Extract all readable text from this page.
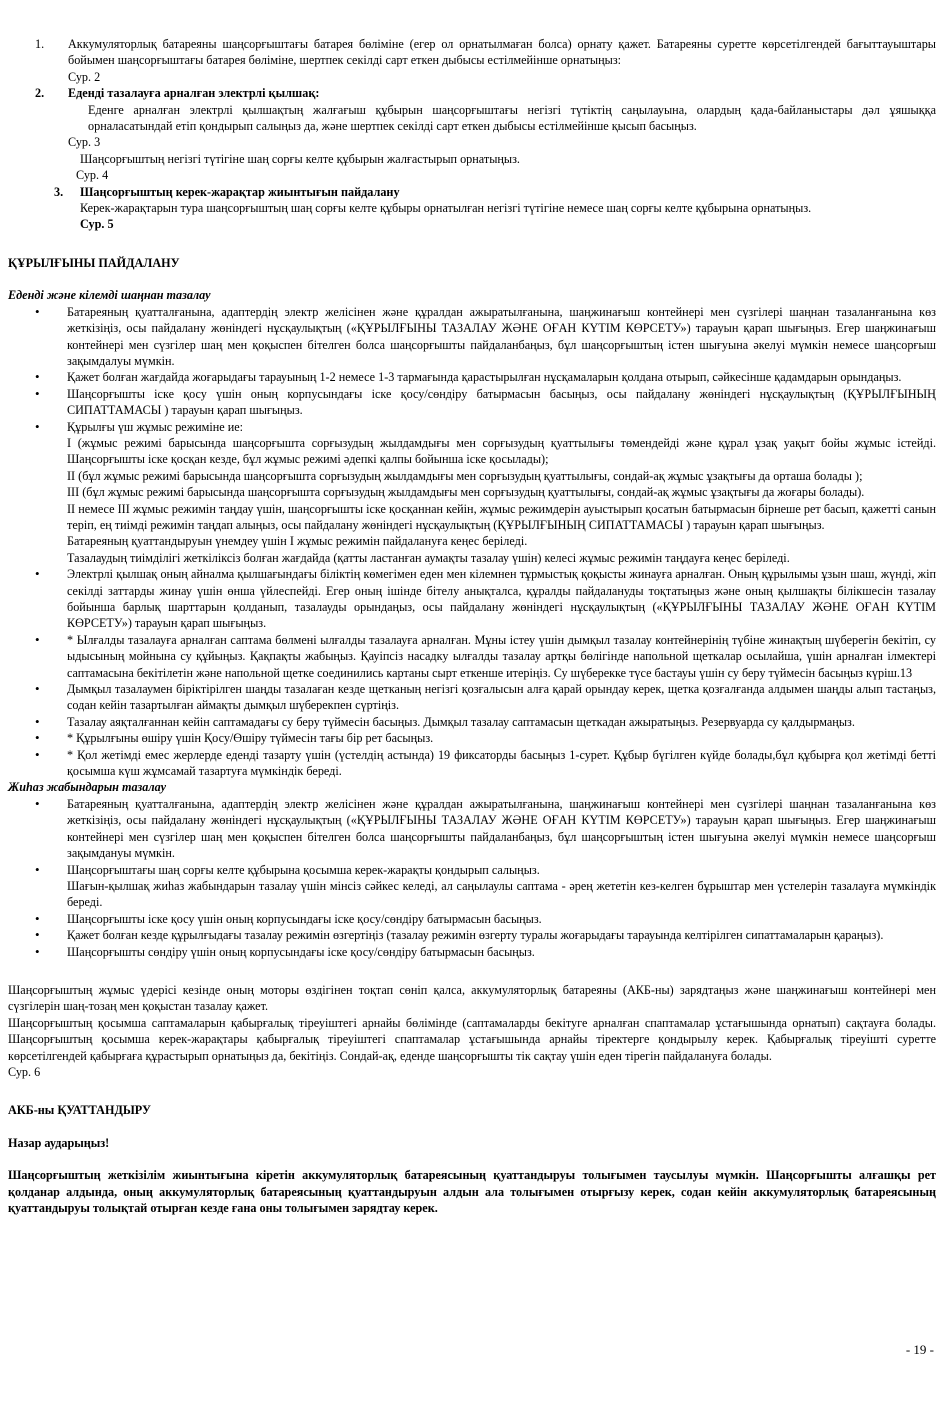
1. Аккумуляторлық батареяны шаңсорғыштағы батарея бөліміне (егер ол орнатылмаған болса) орнату қажет. Батареяны суретте көрсетілгендей бағыттауыштары бойымен шаңсорғыштағы батарея бөліміне, шертпек секілді сарт еткен дыбысы естілмейінше орнатыңыз:

Сур. 2

2. Еденді тазалауға арналған электрлі қылшақ:

Еденге арналған электрлі қылшақтың жалғағыш құбырын шаңсорғыштағы негізгі түтіктің саңылауына, олардың қада-байланыстары дәл ұяшыққа орналасатындай етіп қондырып салыңыз да, және шертпек секілді сарт еткен дыбысы естілмейінше қысып басыңыз.

Сур. 3

Шаңсорғыштың негізгі түтігіне шаң сорғы келте құбырын жалғастырып орнатыңыз.

Сур. 4

3. Шаңсорғыштың керек-жарақтар жиынтығын пайдалану

Керек-жарақтарын тура шаңсорғыштың шаң сорғы келте құбыры орнатылған негізгі түтігіне немесе шаң сорғы келте құбырына орнатыңыз.

Сур. 5

ҚҰРЫЛҒЫНЫ ПАЙДАЛАНУ

Еденді және кілемді шаңнан тазалау

• Батареяның қуатталғанына, адаптердің электр желісінен және құралдан ажыратылғанына, шаңжинағыш контейнері мен сүзгілері шаңнан тазаланғанына көз жеткізіңіз, осы пайдалану жөніндегі нұсқаулықтың («ҚҰРЫЛҒЫНЫ ТАЗАЛАУ ЖӘНЕ ОҒАН КҮТІМ КӨРСЕТУ») тарауын қарап шығыңыз. Егер шаңжинағыш контейнері мен сүзгілер шаң мен қоқыспен бітелген болса шаңсорғышты пайдаланбаңыз, бұл шаңсорғыштың істен шығуына әкелуі мүмкін немесе шаңсорғыш зақымдалуы мүмкін.
• Қажет болған жағдайда жоғарыдағы тарауының 1-2 немесе 1-3 тармағында қарастырылған нұсқамаларын қолдана отырып, сәйкесінше қадамдарын орындаңыз.
• Шаңсорғышты іске қосу үшін оның корпусындағы іске қосу/сөндіру батырмасын басыңыз, осы пайдалану жөніндегі нұсқаулықтың (ҚҰРЫЛҒЫНЫҢ СИПАТТАМАСЫ ) тарауын қарап шығыңыз.

• Құрылғы үш жұмыс режиміне ие:

I (жұмыс режимі барысында шаңсорғышта сорғызудың жылдамдығы мен сорғызудың қуаттылығы төмендейді және құрал ұзақ уақыт бойы жұмыс істейді. Шаңсорғышты іске қосқан кезде, бұл жұмыс режимі әдепкі қалпы бойынша іске қосылады);

II (бұл жұмыс режимі барысында шаңсорғышта сорғызудың жылдамдығы мен сорғызудың қуаттылығы, сондай-ақ жұмыс ұзақтығы да орташа болады );

III (бұл жұмыс режимі барысында шаңсорғышта сорғызудың жылдамдығы мен сорғызудың қуаттылығы, сондай-ақ жұмыс ұзақтығы да жоғары болады).

II немесе III жұмыс режимін таңдау үшін, шаңсорғышты іске қосқаннан кейін, жұмыс режимдерін ауыстырып қосатын батырмасын бірнеше рет басып, қажетті санын теріп, ең тиімді режимін таңдап алыңыз, осы пайдалану жөніндегі нұсқаулықтың (ҚҰРЫЛҒЫНЫҢ СИПАТТАМАСЫ ) тарауын қарап шығыңыз.

Батареяның қуаттандыруын үнемдеу үшін I жұмыс режимін пайдалануға кеңес беріледі.

Тазалаудың тиімділігі жеткіліксіз болған жағдайда (қатты ластанған аумақты тазалау үшін) келесі жұмыс режимін таңдауға кеңес беріледі.

• Электрлі қылшақ оның айналма қылшағындағы біліктің көмегімен еден мен кілемнен тұрмыстық қоқысты жинауға арналған. Оның құрылымы ұзын шаш, жүнді, жіп секілді заттарды жинау үшін өнша үйлеспейді. Егер оның ішінде бітелу анықталса, құралды пайдалануды тоқтатыңыз және оның қылшақты білікшесін тазалау бойынша барлық шарттарын қолданып, тазалауды орындаңыз, осы пайдалану жөніндегі нұсқаулықтың («ҚҰРЫЛҒЫНЫ ТАЗАЛАУ ЖӘНЕ ОҒАН КҮТІМ КӨРСЕТУ») тарауын қарап шығыңыз.
• * Ылғалды тазалауға арналған саптама бөлмені ылғалды тазалауға арналған. Мұны істеу үшін дымқыл тазалау контейнерінің түбіне жинақтың шүберегін бекітіп, су ыдысының мойнына су құйыңыз. Қақпақты жабыңыз. Қауіпсіз насадку ылғалды тазалау артқы бөлігінде напольной щеткалар осылайша, үшін арналған ілмектері саптамасына бекітілетін және напольной щетке соединились картаны сырт еткенше итеріңіз. Су шүберекке түсе бастауы үшін су беру түймесін басыңыз күріш.13
• Дымқыл тазалаумен біріктірілген шаңды тазалаған кезде щетканың негізгі қозғалысын алға қарай орындау керек, щетка қозғалғанда алдымен шаңды алып тастаңыз, содан кейін тазартылған аймақты дымқыл шүберекпен сүртіңіз.
• Тазалау аяқталғаннан кейін саптамадағы су беру түймесін басыңыз. Дымқыл тазалау саптамасын щеткадан ажыратыңыз. Резервуарда су қалдырмаңыз.
• * Құрылғыны өшіру үшін Қосу/Өшіру түймесін тағы бір рет басыңыз.
• * Қол жетімді емес жерлерде еденді тазарту үшін (үстелдің астында) 19 фиксаторды басыңыз 1-сурет. Құбыр бүгілген күйде болады,бұл құбырға қол жетімді бетті қосымша күш жұмсамай тазартуға мүмкіндік береді.

Жиһаз жабындарын тазалау

• Батареяның қуатталғанына, адаптердің электр желісінен және құралдан ажыратылғанына, шаңжинағыш контейнері мен сүзгілері шаңнан тазаланғанына көз жеткізіңіз, осы пайдалану жөніндегі нұсқаулықтың («ҚҰРЫЛҒЫНЫ ТАЗАЛАУ ЖӘНЕ ОҒАН КҮТІМ КӨРСЕТУ») тарауын қарап шығыңыз. Егер шаңжинағыш контейнері мен сүзгілер шаң мен қоқыспен бітелген болса шаңсорғышты пайдаланбаңыз, бұл шаңсорғыштың істен шығуына әкелуі мүмкін немесе шаңсорғыш зақымдануы мүмкін.

• Шаңсорғыштағы шаң сорғы келте құбырына қосымша керек-жарақты қондырып салыңыз.

Шағын-қылшақ жиһаз жабындарын тазалау үшін мінсіз сәйкес келеді, ал саңылаулы саптама - әрең жететін кез-келген бұрыштар мен үстелерін тазалауға мүмкіндік береді.

• Шаңсорғышты іске қосу үшін оның корпусындағы іске қосу/сөндіру батырмасын басыңыз.
• Қажет болған кезде құрылғыдағы тазалау режимін өзгертіңіз (тазалау режимін өзгерту туралы жоғарыдағы тарауында келтірілген сипаттамаларын қараңыз).
• Шаңсорғышты сөндіру үшін оның корпусындағы іске қосу/сөндіру батырмасын басыңыз.

Шаңсорғыштың жұмыс үдерісі кезінде оның моторы өздігінен тоқтап сөніп қалса, аккумуляторлық батареяны (АКБ-ны) зарядтаңыз және шаңжинағыш контейнері мен сүзгілерін шаң-тозаң мен қоқыстан тазалау қажет.

Шаңсорғыштың қосымша саптамаларын қабырғалық тіреуіштегі арнайы бөлімінде (саптамаларды бекітуге арналған спаптамалар ұстағышында орнатып) сақтауға болады. Шаңсорғыштың қосымша керек-жарақтары қабырғалық тіреуіштегі спаптамалар ұстағышында арнайы тіректерге қондырылу керек. Қабырғалық тіреуішті суретте көрсетілгендей қабырғаға құрастырып орнатыңыз да, бекітіңіз. Сондай-ақ, еденде шаңсорғышты тік сақтау үшін еден тірегін пайдалануға болады.

Сур. 6

АКБ-ны ҚУАТТАНДЫРУ

Назар аударыңыз!

Шаңсорғыштың жеткізілім жиынтығына кіретін аккумуляторлық батареясының қуаттандыруы толығымен таусылуы мүмкін. Шаңсорғышты алғашқы рет қолданар алдында, оның аккумуляторлық батареясының қуаттандыруын алдын ала толығымен отырғызу керек, содан кейін аккумуляторлық батареясының қуаттандыруы толықтай отырған кезде ғана оны толығымен зарядтау керек.

- 19 -
